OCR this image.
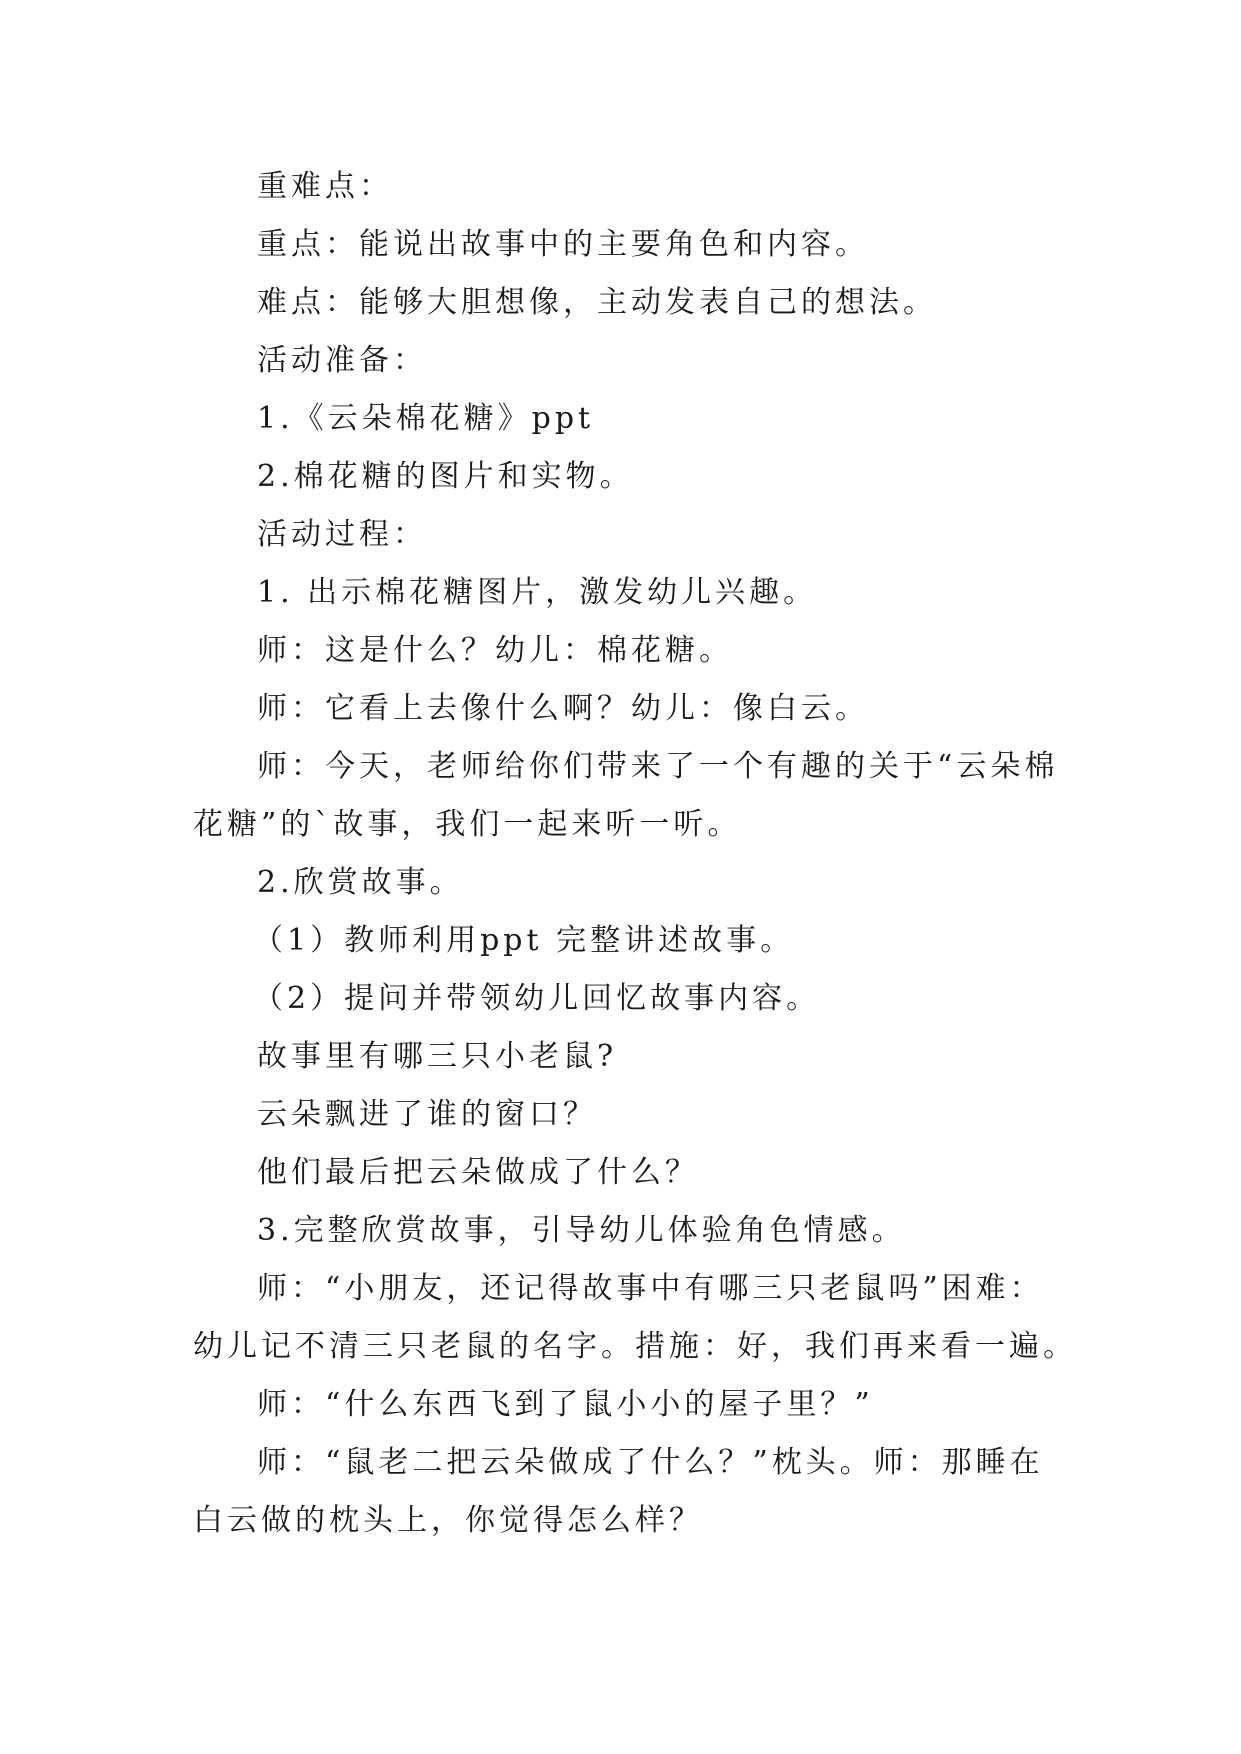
重难点：
重点：能说出故事中的主要角色和内容。
难点：能够大胆想像，主动发表自己的想法。
活动准备：
1.《云朵棉花糖》ppt
2.棉花糖的图片和实物。
活动过程：
1. 出示棉花糖图片，激发幼儿兴趣。
师：这是什么？幼儿：棉花糖。
师：它看上去像什么啊？幼儿：像白云。
师：今天，老师给你们带来了一个有趣的关于“云朵棉
花糖”的`故事，我们一起来听一听。
2.欣赏故事。
（1）教师利用ppt 完整讲述故事。
（2）提问并带领幼儿回忆故事内容。
故事里有哪三只小老鼠?
云朵飘进了谁的窗口？
他们最后把云朵做成了什么？
3.完整欣赏故事，引导幼儿体验角色情感。
师：“小朋友，还记得故事中有哪三只老鼠吗”困难：
幼儿记不清三只老鼠的名字。措施：好，我们再来看一遍。
师：“什么东西飞到了鼠小小的屋子里？”
师：“鼠老二把云朵做成了什么？”枕头。师：那睡在
白云做的枕头上，你觉得怎么样？
